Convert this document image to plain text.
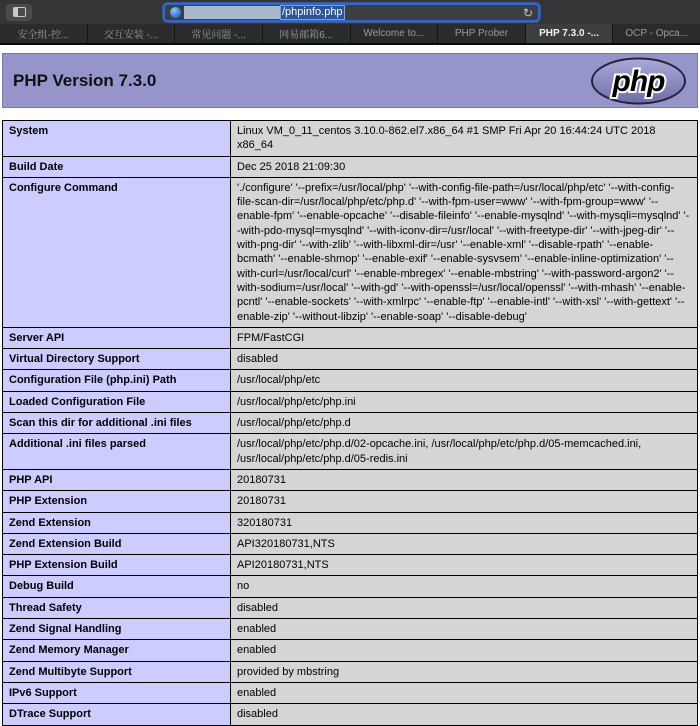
/phpinfo.php	↻
安全组-控...	交互安装 -...	常见问题 -...	网易邮箱6...	Welcome to...	PHP Prober	PHP 7.3.0 -...	OCP - Opca...
PHP Version 7.3.0	php
System	Linux VM_0_11_centos 3.10.0-862.el7.x86_64 #1 SMP Fri Apr 20 16:44:24 UTC 2018 x86_64
Build Date	Dec 25 2018 21:09:30
Configure Command	'./configure' '--prefix=/usr/local/php' '--with-config-file-path=/usr/local/php/etc' '--with-config-file-scan-dir=/usr/local/php/etc/php.d' '--with-fpm-user=www' '--with-fpm-group=www' '--enable-fpm' '--enable-opcache' '--disable-fileinfo' '--enable-mysqlnd' '--with-mysqli=mysqlnd' '--with-pdo-mysql=mysqlnd' '--with-iconv-dir=/usr/local' '--with-freetype-dir' '--with-jpeg-dir' '--with-png-dir' '--with-zlib' '--with-libxml-dir=/usr' '--enable-xml' '--disable-rpath' '--enable-bcmath' '--enable-shmop' '--enable-exif' '--enable-sysvsem' '--enable-inline-optimization' '--with-curl=/usr/local/curl' '--enable-mbregex' '--enable-mbstring' '--with-password-argon2' '--with-sodium=/usr/local' '--with-gd' '--with-openssl=/usr/local/openssl' '--with-mhash' '--enable-pcntl' '--enable-sockets' '--with-xmlrpc' '--enable-ftp' '--enable-intl' '--with-xsl' '--with-gettext' '--enable-zip' '--without-libzip' '--enable-soap' '--disable-debug'
Server API	FPM/FastCGI
Virtual Directory Support	disabled
Configuration File (php.ini) Path	/usr/local/php/etc
Loaded Configuration File	/usr/local/php/etc/php.ini
Scan this dir for additional .ini files	/usr/local/php/etc/php.d
Additional .ini files parsed	/usr/local/php/etc/php.d/02-opcache.ini, /usr/local/php/etc/php.d/05-memcached.ini, /usr/local/php/etc/php.d/05-redis.ini
PHP API	20180731
PHP Extension	20180731
Zend Extension	320180731
Zend Extension Build	API320180731,NTS
PHP Extension Build	API20180731,NTS
Debug Build	no
Thread Safety	disabled
Zend Signal Handling	enabled
Zend Memory Manager	enabled
Zend Multibyte Support	provided by mbstring
IPv6 Support	enabled
DTrace Support	disabled
